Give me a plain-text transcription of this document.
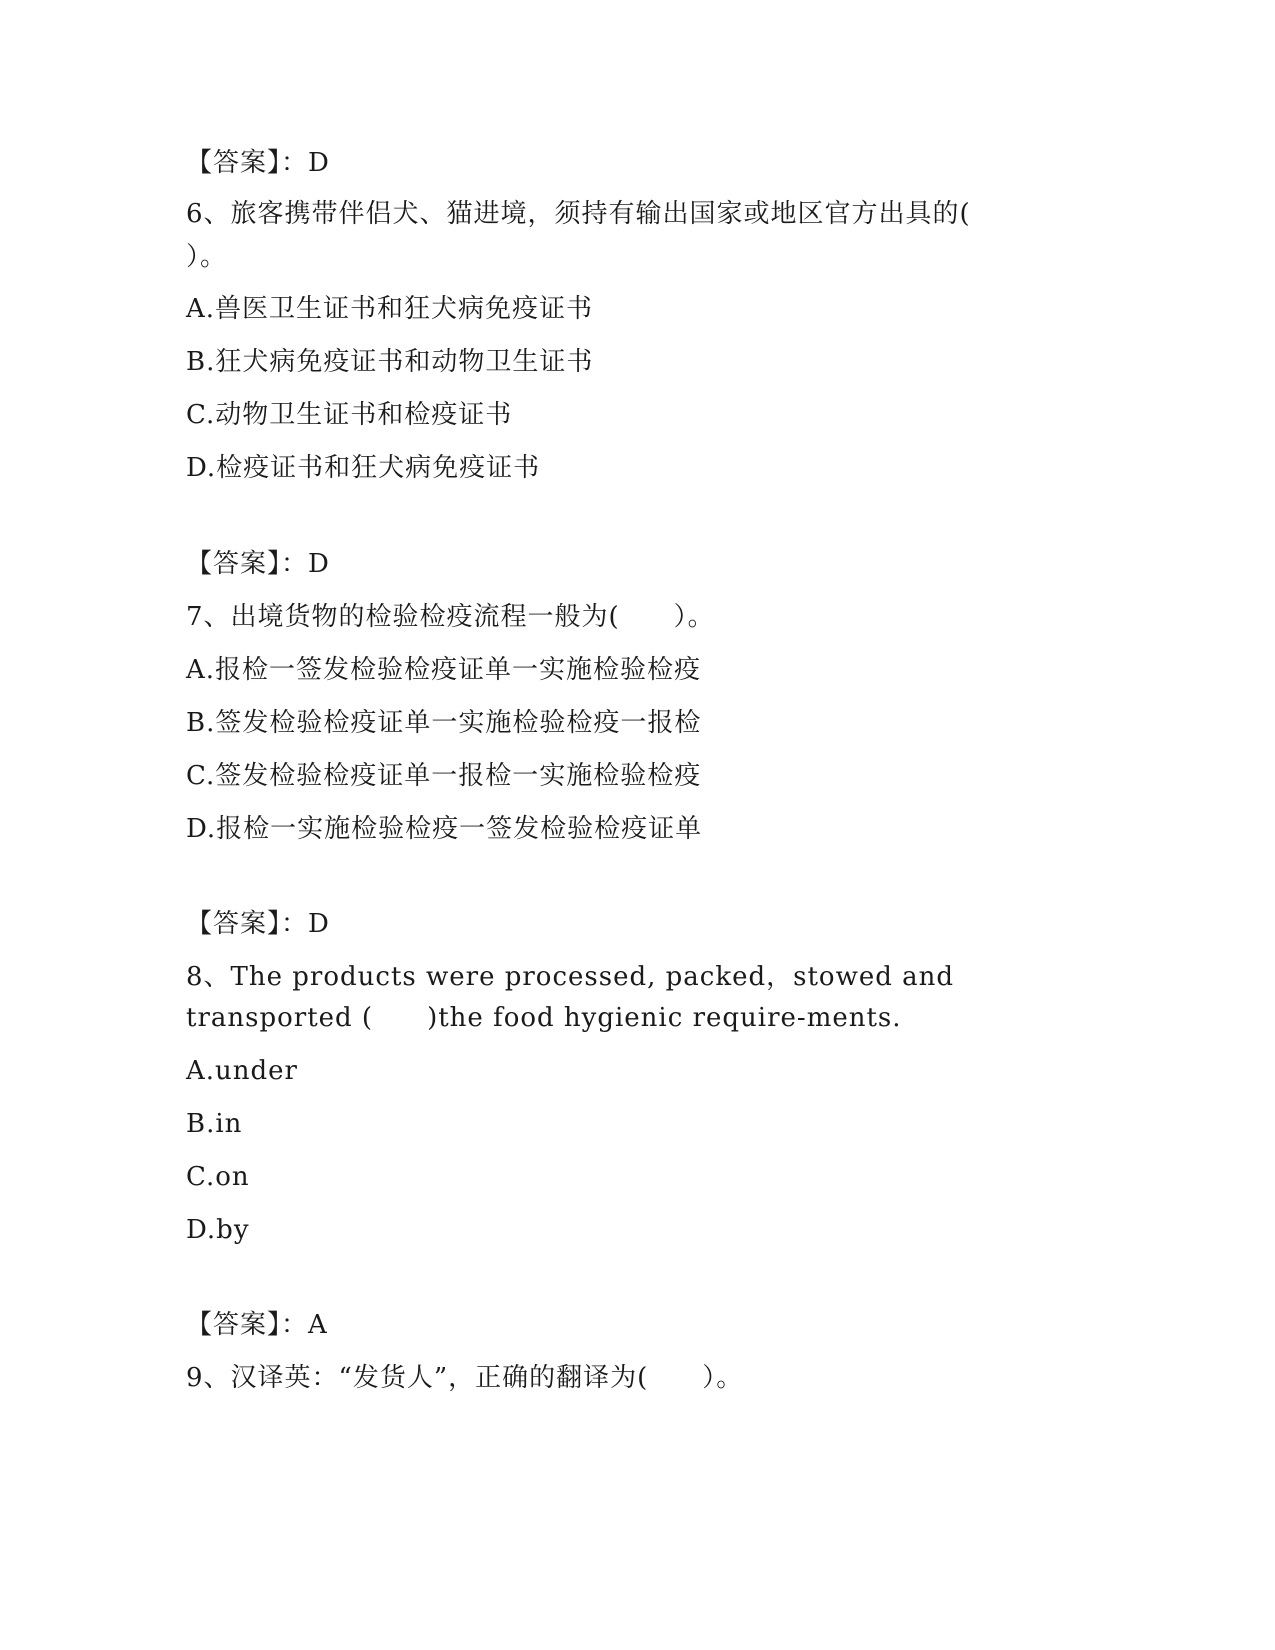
【答案】：D
6、旅客携带伴侣犬、猫进境，须持有输出国家或地区官方出具的(
）。
A.兽医卫生证书和狂犬病免疫证书
B.狂犬病免疫证书和动物卫生证书
C.动物卫生证书和检疫证书
D.检疫证书和狂犬病免疫证书
【答案】：D
7、出境货物的检验检疫流程一般为(　　）。
A.报检一签发检验检疫证单一实施检验检疫
B.签发检验检疫证单一实施检验检疫一报检
C.签发检验检疫证单一报检一实施检验检疫
D.报检一实施检验检疫一签发检验检疫证单
【答案】：D
8、The products were processed, packed，stowed and
transported (　　)the food hygienic require-ments.
A.under
B.in
C.on
D.by
【答案】：A
9、汉译英：“发货人”，正确的翻译为(　　）。
